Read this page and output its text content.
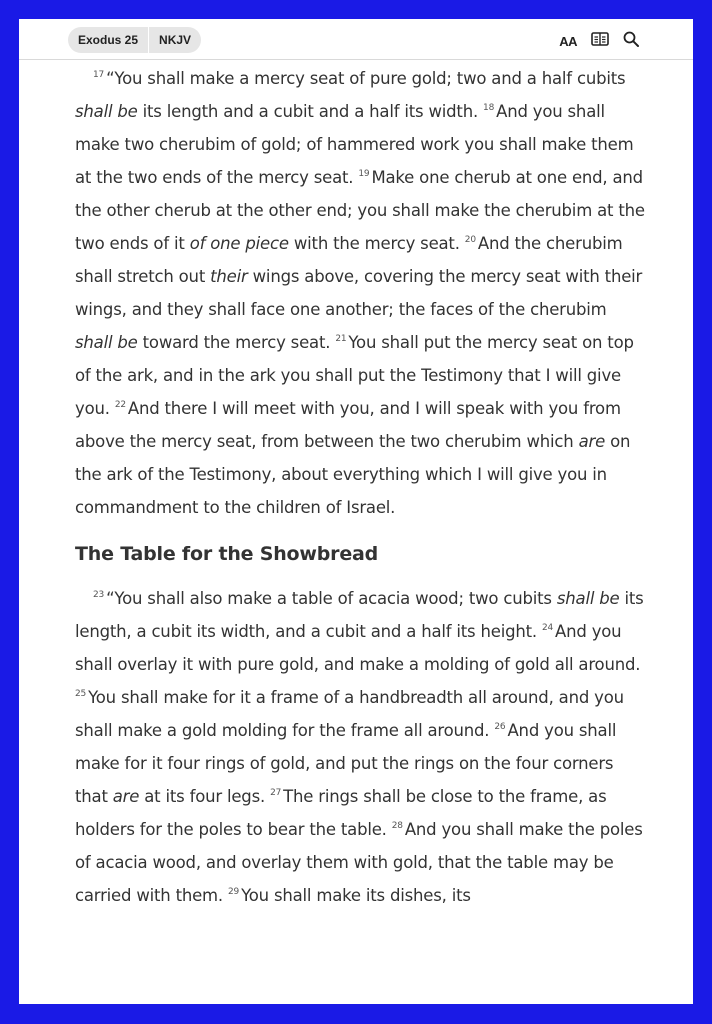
Exodus 25	NKJV	AA

$^{17}$ “You shall make a mercy seat of pure gold; two and a half cubits shall be its length and a cubit and a half its width. $^{18}$ And you shall make two cherubim of gold; of hammered work you shall make them at the two ends of the mercy seat. $^{19}$ Make one cherub at one end, and the other cherub at the other end; you shall make the cherubim at the two ends of it of one piece with the mercy seat. $^{20}$ And the cherubim shall stretch out their wings above, covering the mercy seat with their wings, and they shall face one another; the faces of the cherubim shall be toward the mercy seat. $^{21}$ You shall put the mercy seat on top of the ark, and in the ark you shall put the Testimony that I will give you. $^{22}$ And there I will meet with you, and I will speak with you from above the mercy seat, from between the two cherubim which are on the ark of the Testimony, about everything which I will give you in commandment to the children of Israel.

The Table for the Showbread

$^{23}$ “You shall also make a table of acacia wood; two cubits shall be its length, a cubit its width, and a cubit and a half its height. $^{24}$ And you shall overlay it with pure gold, and make a molding of gold all around. $^{25}$ You shall make for it a frame of a handbreadth all around, and you shall make a gold molding for the frame all around. $^{26}$ And you shall make for it four rings of gold, and put the rings on the four corners that are at its four legs. $^{27}$ The rings shall be close to the frame, as holders for the poles to bear the table. $^{28}$ And you shall make the poles of acacia wood, and overlay them with gold, that the table may be carried with them. $^{29}$ You shall make its dishes, its
